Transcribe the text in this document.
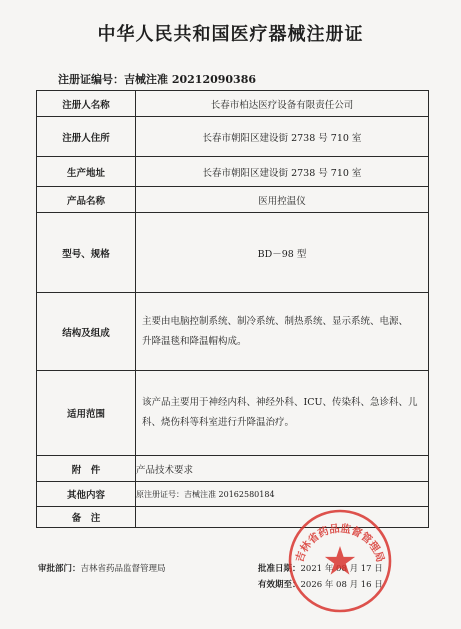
中华人民共和国医疗器械注册证
注册证编号：吉械注准 20212090386
注册人名称	长春市柏达医疗设备有限责任公司
注册人住所	长春市朝阳区建设街 2738 号 710 室
生产地址	长春市朝阳区建设街 2738 号 710 室
产品名称	医用控温仪
型号、规格	BD－98 型
结构及组成	主要由电脑控制系统、制冷系统、制热系统、显示系统、电源、
升降温毯和降温帽构成。

适用范围	该产品主要用于神经内科、神经外科、ICU、传染科、急诊科、儿
科、烧伤科等科室进行升降温治疗。

附　件	产品技术要求
其他内容	原注册证号：吉械注准 20162580184
备　注	
审批部门：吉林省药品监督管理局	批准日期：2021 年 08 月 17 日
有效期至：2026 年 08 月 16 日
吉林省药品监督管理局
